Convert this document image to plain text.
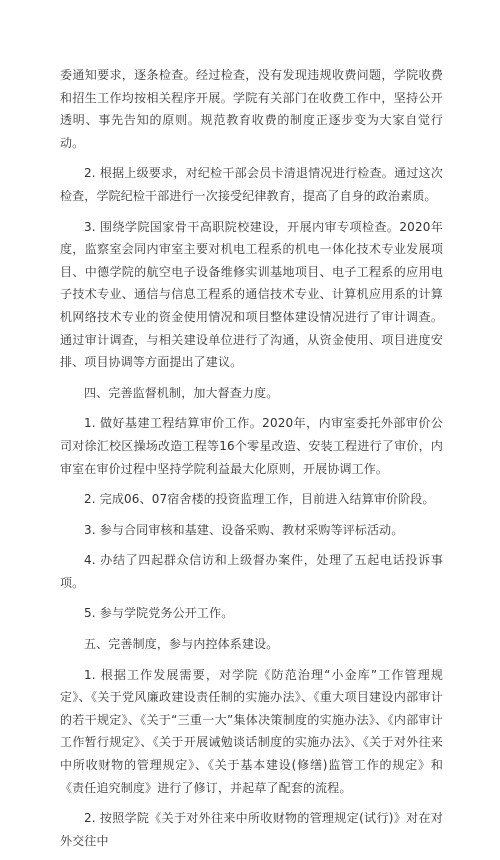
委通知要求，逐条检查。经过检查，没有发现违规收费问题，学院收费和招生工作均按相关程序开展。学院有关部门在收费工作中，坚持公开透明、事先告知的原则。规范教育收费的制度正逐步变为大家自觉行动。

2. 根据上级要求，对纪检干部会员卡清退情况进行检查。通过这次检查，学院纪检干部进行一次接受纪律教育，提高了自身的政治素质。

3. 围绕学院国家骨干高职院校建设，开展内审专项检查。2020年度，监察室会同内审室主要对机电工程系的机电一体化技术专业发展项目、中德学院的航空电子设备维修实训基地项目、电子工程系的应用电子技术专业、通信与信息工程系的通信技术专业、计算机应用系的计算机网络技术专业的资金使用情况和项目整体建设情况进行了审计调查。通过审计调查，与相关建设单位进行了沟通，从资金使用、项目进度安排、项目协调等方面提出了建议。

四、完善监督机制，加大督查力度。

1. 做好基建工程结算审价工作。2020年，内审室委托外部审价公司对徐汇校区操场改造工程等16个零星改造、安装工程进行了审价，内审室在审价过程中坚持学院利益最大化原则，开展协调工作。

2. 完成06、07宿舍楼的投资监理工作，目前进入结算审价阶段。

3. 参与合同审核和基建、设备采购、教材采购等评标活动。

4. 办结了四起群众信访和上级督办案件，处理了五起电话投诉事项。

5. 参与学院党务公开工作。

五、完善制度，参与内控体系建设。

1. 根据工作发展需要，对学院《防范治理“小金库”工作管理规定》、《关于党风廉政建设责任制的实施办法》、《重大项目建设内部审计的若干规定》、《关于“三重一大”集体决策制度的实施办法》、《内部审计工作暂行规定》、《关于开展诫勉谈话制度的实施办法》、《关于对外往来中所收财物的管理规定》、《关于基本建设(修缮)监管工作的规定》和《责任追究制度》进行了修订，并起草了配套的流程。

2. 按照学院《关于对外往来中所收财物的管理规定(试行)》对在对外交往中
